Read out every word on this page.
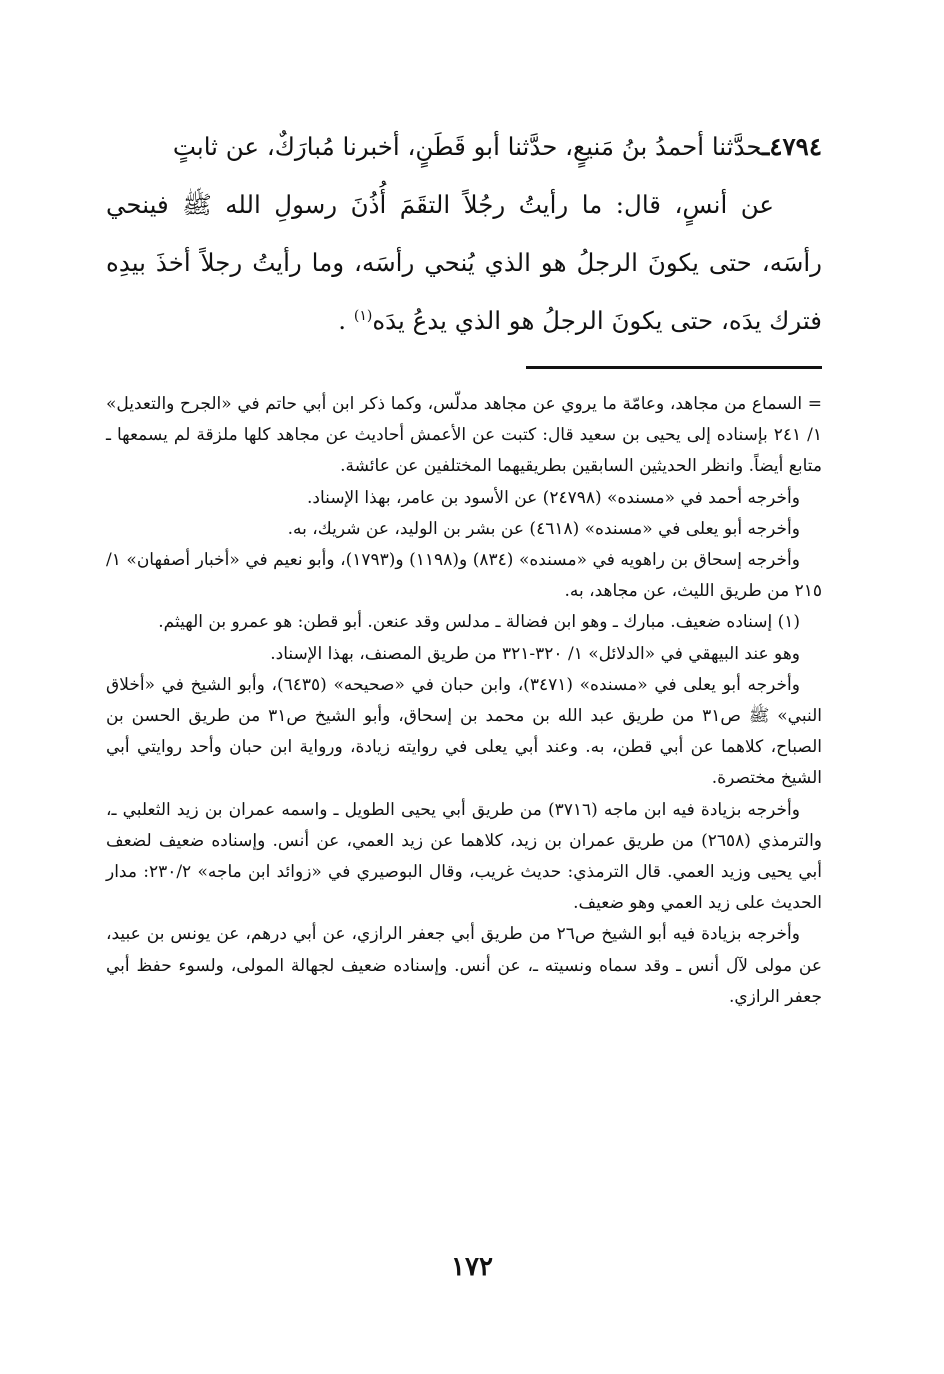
٤٧٩٤ـحدَّثنا أحمدُ بنُ مَنيعٍ، حدَّثنا أبو قَطَنٍ، أخبرنا مُبارَكٌ، عن ثابتٍ

عن أنسٍ، قال: ما رأيتُ رجُلاً التقَمَ أُذُنَ رسولِ الله ﷺ فينحي رأسَه، حتى يكونَ الرجلُ هو الذي يُنحي رأسَه، وما رأيتُ رجلاً أخذَ بيدِه فترك يدَه، حتى يكونَ الرجلُ هو الذي يدعُ يدَه$^{(١)}$ .

= السماع من مجاهد، وعامّة ما يروي عن مجاهد مدلّس، وكما ذكر ابن أبي حاتم في «الجرح والتعديل» ١/ ٢٤١ بإسناده إلى يحيى بن سعيد قال: كتبت عن الأعمش أحاديث عن مجاهد كلها ملزقة لم يسمعها ـ متابع أيضاً. وانظر الحديثين السابقين بطريقيهما المختلفين عن عائشة.

وأخرجه أحمد في «مسنده» (٢٤٧٩٨) عن الأسود بن عامر، بهذا الإسناد.

وأخرجه أبو يعلى في «مسنده» (٤٦١٨) عن بشر بن الوليد، عن شريك، به.

وأخرجه إسحاق بن راهويه في «مسنده» (٨٣٤) و(١١٩٨) و(١٧٩٣)، وأبو نعيم في «أخبار أصفهان» ١/ ٢١٥ من طريق الليث، عن مجاهد، به.

(١) إسناده ضعيف. مبارك ـ وهو ابن فضالة ـ مدلس وقد عنعن. أبو قطن: هو عمرو بن الهيثم.

وهو عند البيهقي في «الدلائل» ١/ ٣٢٠-٣٢١ من طريق المصنف، بهذا الإسناد.

وأخرجه أبو يعلى في «مسنده» (٣٤٧١)، وابن حبان في «صحيحه» (٦٤٣٥)، وأبو الشيخ في «أخلاق النبي» ﷺ ص٣١ من طريق عبد الله بن محمد بن إسحاق، وأبو الشيخ ص٣١ من طريق الحسن بن الصباح، كلاهما عن أبي قطن، به. وعند أبي يعلى في روايته زيادة، ورواية ابن حبان وأحد روايتي أبي الشيخ مختصرة.

وأخرجه بزيادة فيه ابن ماجه (٣٧١٦) من طريق أبي يحيى الطويل ـ واسمه عمران بن زيد الثعلبي ـ، والترمذي (٢٦٥٨) من طريق عمران بن زيد، كلاهما عن زيد العمي، عن أنس. وإسناده ضعيف لضعف أبي يحيى وزيد العمي. قال الترمذي: حديث غريب، وقال البوصيري في «زوائد ابن ماجه» ٢٣٠/٢: مدار الحديث على زيد العمي وهو ضعيف.

وأخرجه بزيادة فيه أبو الشيخ ص٢٦ من طريق أبي جعفر الرازي، عن أبي درهم، عن يونس بن عبيد، عن مولى لآل أنس ـ وقد سماه ونسيته ـ، عن أنس. وإسناده ضعيف لجهالة المولى، ولسوء حفظ أبي جعفر الرازي.

١٧٢
